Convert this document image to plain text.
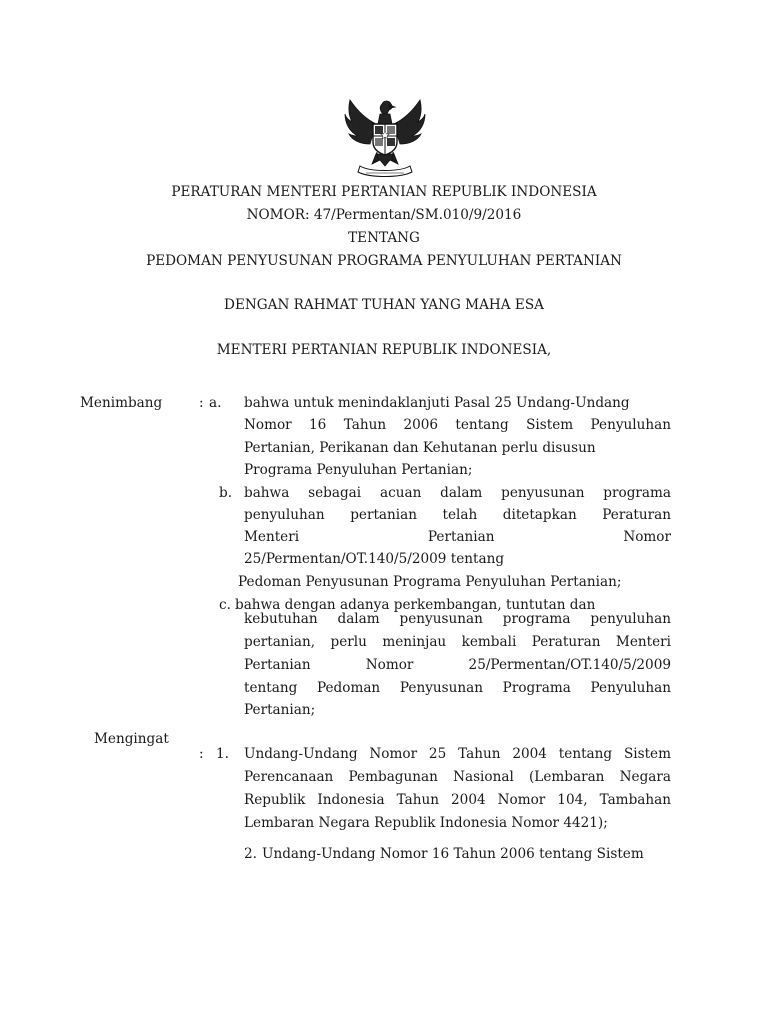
PERATURAN MENTERI PERTANIAN REPUBLIK INDONESIA
NOMOR: 47/Permentan/SM.010/9/2016
TENTANG
PEDOMAN PENYUSUNAN PROGRAMA PENYULUHAN PERTANIAN
DENGAN RAHMAT TUHAN YANG MAHA ESA
MENTERI PERTANIAN REPUBLIK INDONESIA,
Menimbang	: a. bahwa untuk menindaklanjuti Pasal 25 Undang-Undang
Nomor 16 Tahun 2006 tentang Sistem Penyuluhan
Pertanian, Perikanan dan Kehutanan perlu disusun
Programa Penyuluhan Pertanian;
b. bahwa sebagai acuan dalam penyusunan programa
penyuluhan pertanian telah ditetapkan Peraturan
Menteri Pertanian Nomor
25/Permentan/OT.140/5/2009 tentang
Pedoman Penyusunan Programa Penyuluhan Pertanian;
c. bahwa dengan adanya perkembangan, tuntutan dan
kebutuhan dalam penyusunan programa penyuluhan
pertanian, perlu meninjau kembali Peraturan Menteri
Pertanian Nomor 25/Permentan/OT.140/5/2009
tentang Pedoman Penyusunan Programa Penyuluhan
Pertanian;
Mengingat
: 1. Undang-Undang Nomor 25 Tahun 2004 tentang Sistem
Perencanaan Pembagunan Nasional (Lembaran Negara
Republik Indonesia Tahun 2004 Nomor 104, Tambahan
Lembaran Negara Republik Indonesia Nomor 4421);
2. Undang-Undang Nomor 16 Tahun 2006 tentang Sistem
